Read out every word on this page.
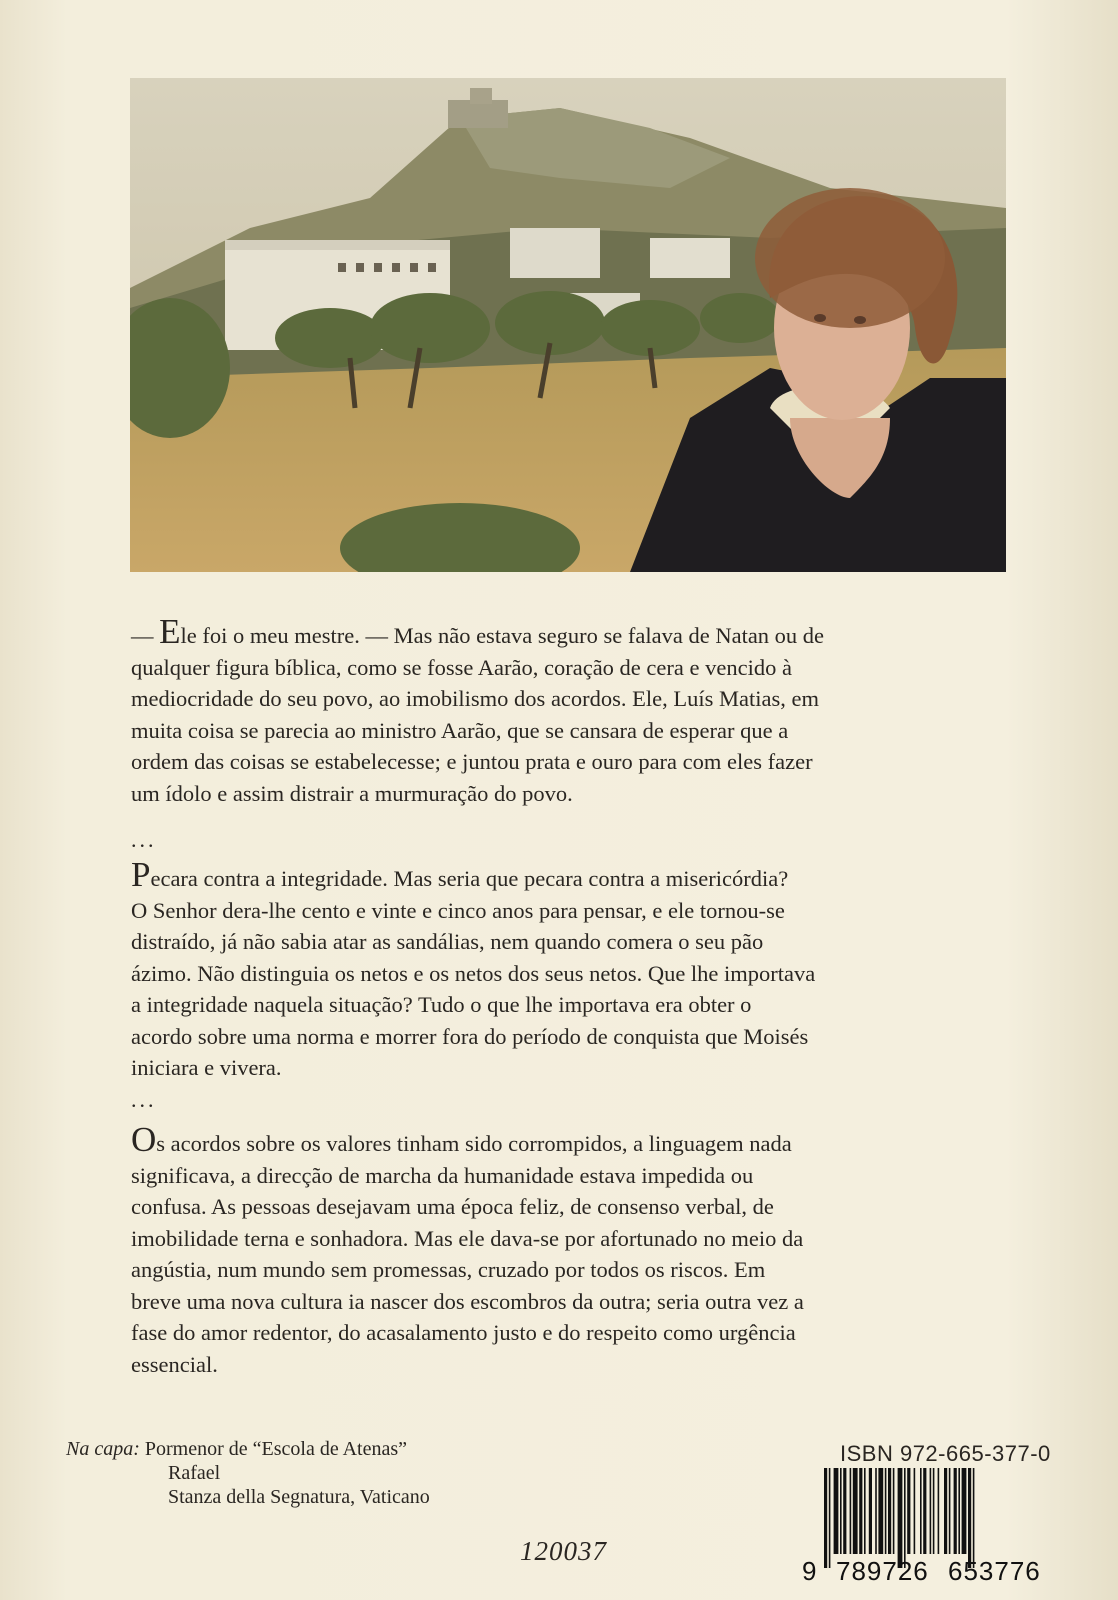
— Ele foi o meu mestre. — Mas não estava seguro se falava de Natan ou de
qualquer figura bíblica, como se fosse Aarão, coração de cera e vencido à
mediocridade do seu povo, ao imobilismo dos acordos. Ele, Luís Matias, em
muita coisa se parecia ao ministro Aarão, que se cansara de esperar que a
ordem das coisas se estabelecesse; e juntou prata e ouro para com eles fazer
um ídolo e assim distrair a murmuração do povo.

...

Pecara contra a integridade. Mas seria que pecara contra a misericórdia?
O Senhor dera-lhe cento e vinte e cinco anos para pensar, e ele tornou-se
distraído, já não sabia atar as sandálias, nem quando comera o seu pão
ázimo. Não distinguia os netos e os netos dos seus netos. Que lhe importava
a integridade naquela situação? Tudo o que lhe importava era obter o
acordo sobre uma norma e morrer fora do período de conquista que Moisés
iniciara e vivera.

...

Os acordos sobre os valores tinham sido corrompidos, a linguagem nada
significava, a direcção de marcha da humanidade estava impedida ou
confusa. As pessoas desejavam uma época feliz, de consenso verbal, de
imobilidade terna e sonhadora. Mas ele dava-se por afortunado no meio da
angústia, num mundo sem promessas, cruzado por todos os riscos. Em
breve uma nova cultura ia nascer dos escombros da outra; seria outra vez a
fase do amor redentor, do acasalamento justo e do respeito como urgência
essencial.

Na capa: Pormenor de “Escola de Atenas”
Rafael
Stanza della Segnatura, Vaticano
120037
ISBN 972-665-377-0
9 789726 653776
